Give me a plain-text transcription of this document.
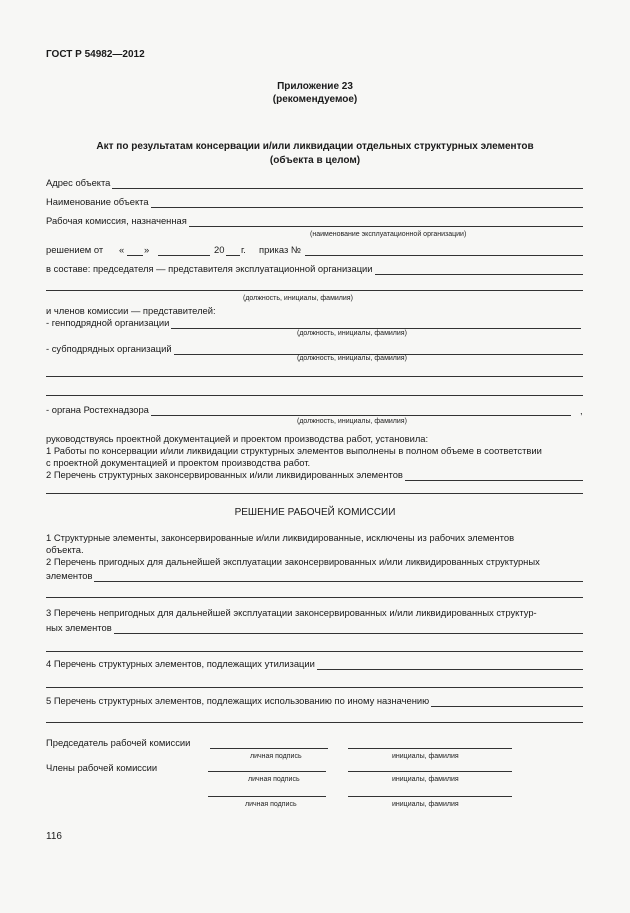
ГОСТ Р 54982—2012
Приложение 23
(рекомендуемое)
Акт по результатам консервации и/или ликвидации отдельных структурных элементов
(объекта в целом)
Адрес объекта
Наименование объекта
Рабочая комиссия, назначенная
(наименование эксплуатационной организации)
решением от « »	20 г. приказ №
в составе: председателя — представителя эксплуатационной организации
(должность, инициалы, фамилия)
и членов комиссии — представителей:
- генподрядной организации
(должность, инициалы, фамилия)
- субподрядных организаций
(должность, инициалы, фамилия)
- органа Ростехнадзора	,
(должность, инициалы, фамилия)
руководствуясь проектной документацией и проектом производства работ, установила:
1 Работы по консервации и/или ликвидации структурных элементов выполнены в полном объеме в соответствии
с проектной документацией и проектом производства работ.
2 Перечень структурных законсервированных и/или ликвидированных элементов
РЕШЕНИЕ РАБОЧЕЙ КОМИССИИ
1 Структурные элементы, законсервированные и/или ликвидированные, исключены из рабочих элементов
объекта.
2 Перечень пригодных для дальнейшей эксплуатации законсервированных и/или ликвидированных структурных
элементов
3 Перечень непригодных для дальнейшей эксплуатации законсервированных и/или ликвидированных структур-
ных элементов
4 Перечень структурных элементов, подлежащих утилизации
5 Перечень структурных элементов, подлежащих использованию по иному назначению
Председатель рабочей комиссии
личная подпись	инициалы, фамилия
Члены рабочей комиссии
личная подпись	инициалы, фамилия
личная подпись	инициалы, фамилия
116
